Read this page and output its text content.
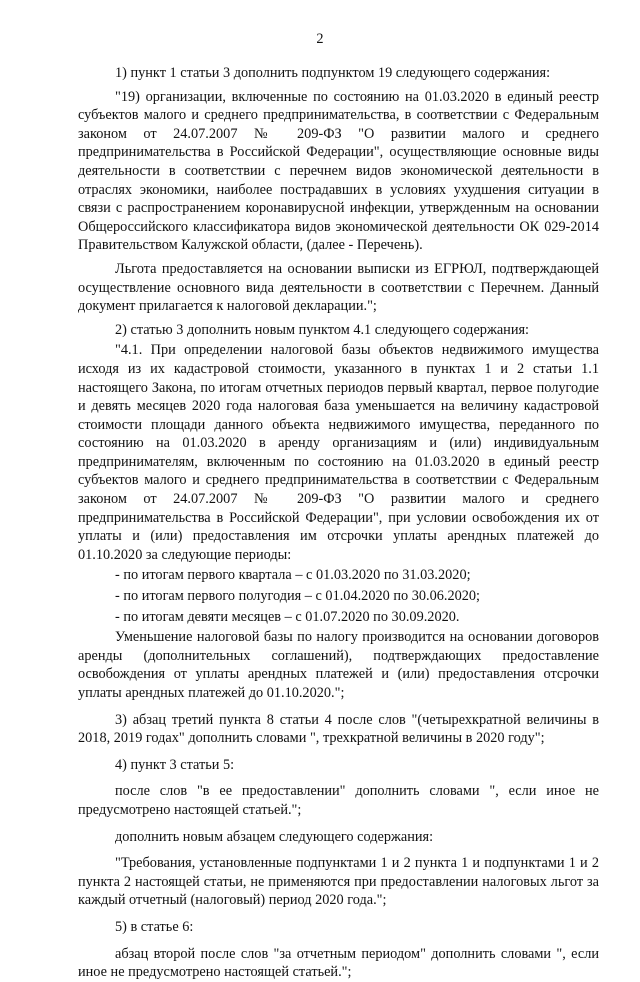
2

1) пункт 1 статьи 3 дополнить подпунктом 19 следующего содержания:

"19) организации, включенные по состоянию на 01.03.2020 в единый реестр субъектов малого и среднего предпринимательства, в соответствии с Федеральным законом от 24.07.2007 № 209-ФЗ "О развитии малого и среднего предпринимательства в Российской Федерации", осуществляющие основные виды деятельности в соответствии с перечнем видов экономической деятельности в отраслях экономики, наиболее пострадавших в условиях ухудшения ситуации в связи с распространением коронавирусной инфекции, утвержденным на основании Общероссийского классификатора видов экономической деятельности ОК 029-2014 Правительством Калужской области, (далее - Перечень).

Льгота предоставляется на основании выписки из ЕГРЮЛ, подтверждающей осуществление основного вида деятельности в соответствии с Перечнем. Данный документ прилагается к налоговой декларации.";

2) статью 3 дополнить новым пунктом 4.1 следующего содержания:

"4.1. При определении налоговой базы объектов недвижимого имущества исходя из их кадастровой стоимости, указанного в пунктах 1 и 2 статьи 1.1 настоящего Закона, по итогам отчетных периодов первый квартал, первое полугодие и девять месяцев 2020 года налоговая база уменьшается на величину кадастровой стоимости площади данного объекта недвижимого имущества, переданного по состоянию на 01.03.2020 в аренду организациям и (или) индивидуальным предпринимателям, включенным по состоянию на 01.03.2020 в единый реестр субъектов малого и среднего предпринимательства в соответствии с Федеральным законом от 24.07.2007 № 209-ФЗ "О развитии малого и среднего предпринимательства в Российской Федерации", при условии освобождения их от уплаты и (или) предоставления им отсрочки уплаты арендных платежей до 01.10.2020 за следующие периоды:

- по итогам первого квартала – с 01.03.2020 по 31.03.2020;

- по итогам первого полугодия – с 01.04.2020 по 30.06.2020;

- по итогам девяти месяцев – с 01.07.2020 по 30.09.2020.

Уменьшение налоговой базы по налогу производится на основании договоров аренды (дополнительных соглашений), подтверждающих предоставление освобождения от уплаты арендных платежей и (или) предоставления отсрочки уплаты арендных платежей до 01.10.2020.";

3) абзац третий пункта 8 статьи 4 после слов "(четырехкратной величины в 2018, 2019 годах" дополнить словами ", трехкратной величины в 2020 году";

4) пункт 3 статьи 5:

после слов "в ее предоставлении" дополнить словами ", если иное не предусмотрено настоящей статьей.";

дополнить новым абзацем следующего содержания:

"Требования, установленные подпунктами 1 и 2 пункта 1 и подпунктами 1 и 2 пункта 2 настоящей статьи, не применяются при предоставлении налоговых льгот за каждый отчетный (налоговый) период 2020 года.";

5) в статье 6:

абзац второй после слов "за отчетным периодом" дополнить словами ", если иное не предусмотрено настоящей статьей.";
